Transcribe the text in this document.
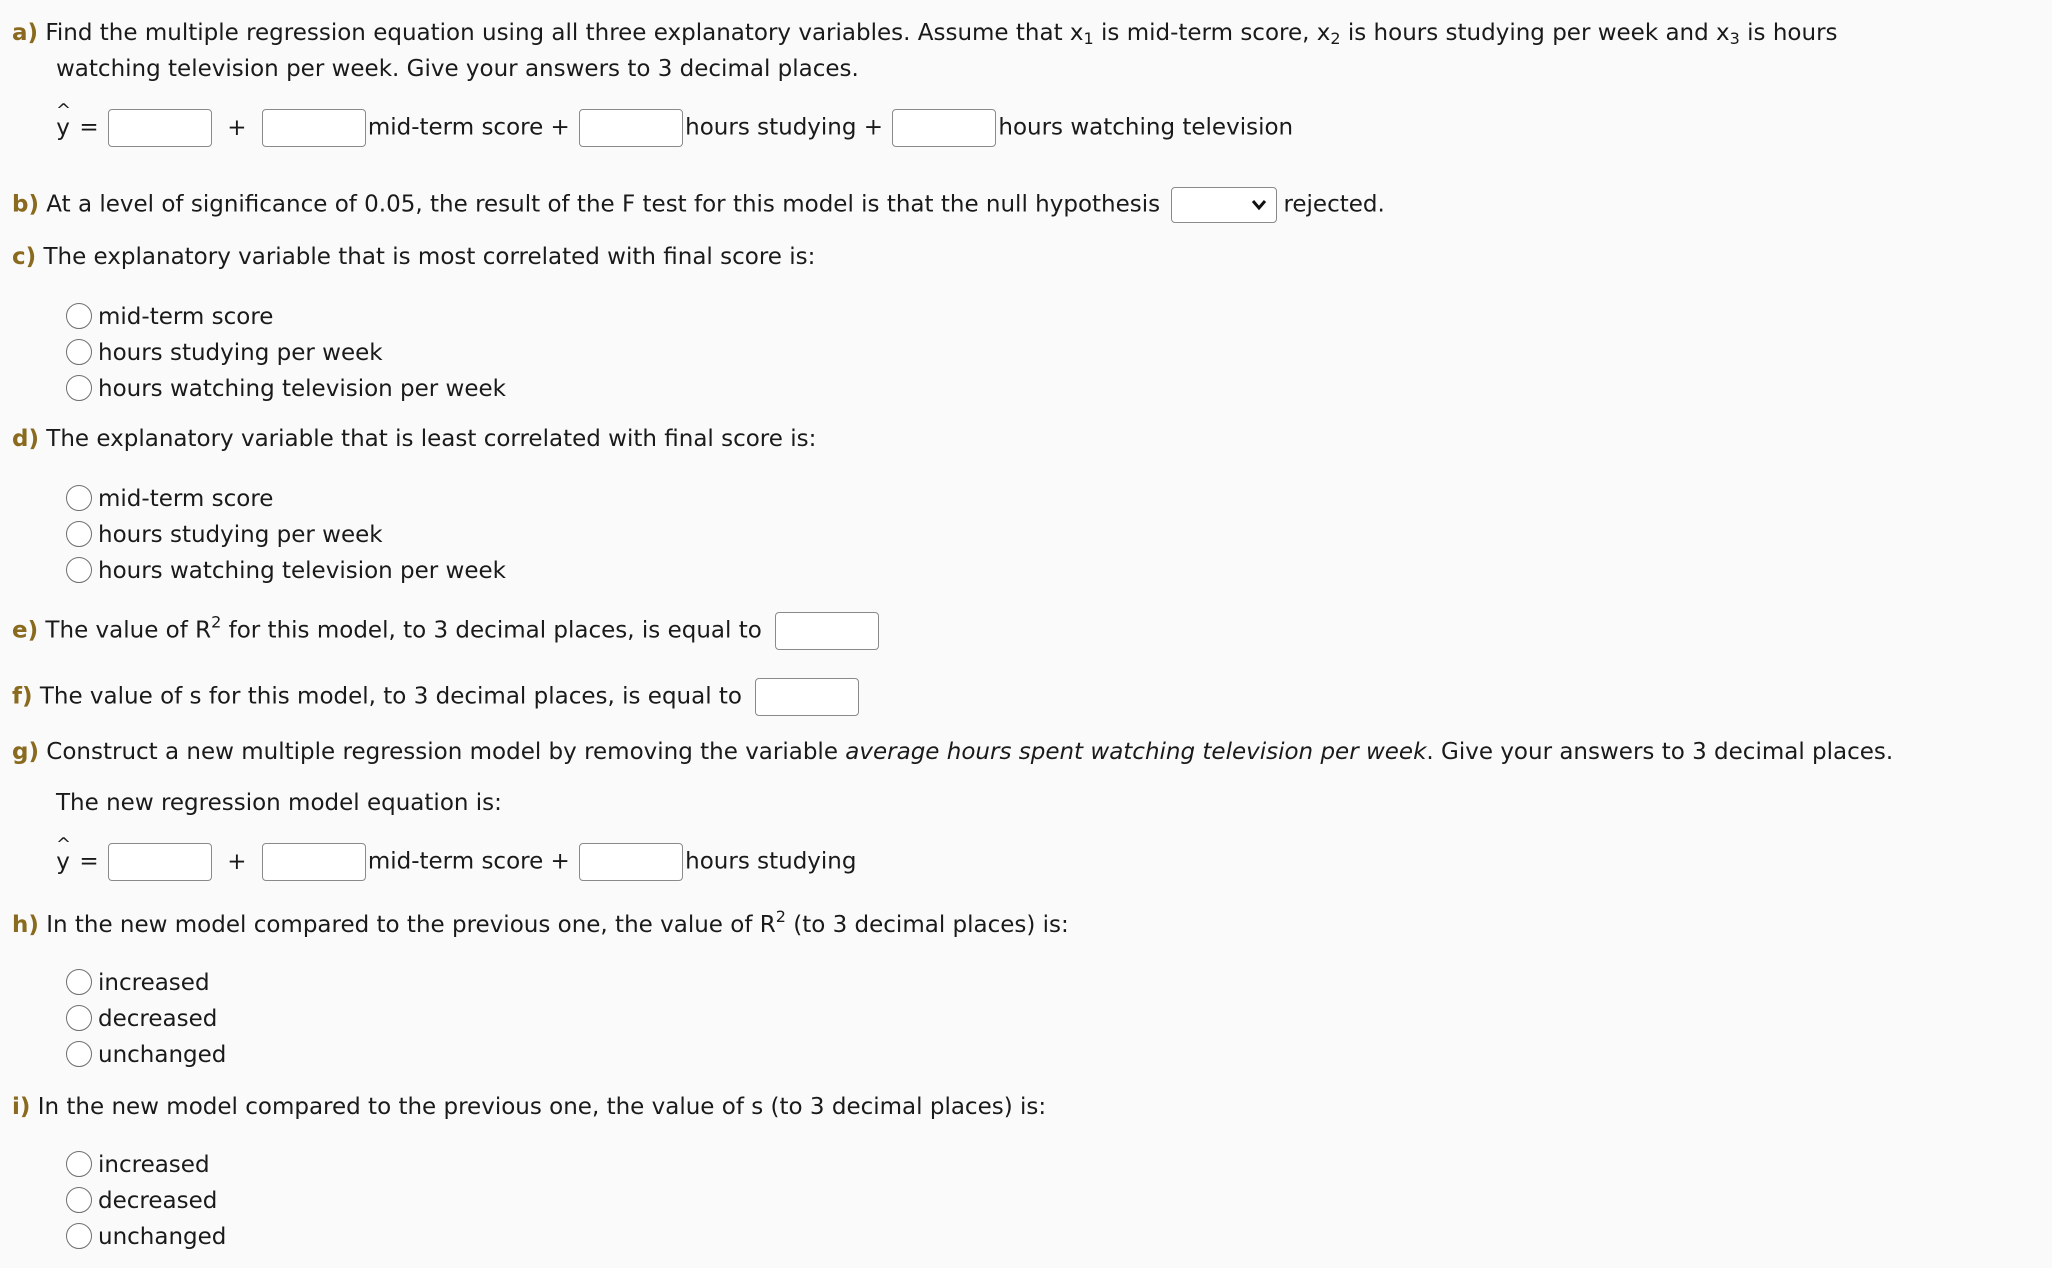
a) Find the multiple regression equation using all three explanatory variables. Assume that $x_1$ is mid-term score, $x_2$ is hours studying per week and $x_3$ is hours
watching television per week. Give your answers to 3 decimal places.
^
y =	+	mid-term score +	hours studying +	hours watching television
b) At a level of significance of 0.05, the result of the F test for this model is that the null hypothesis	rejected.
c) The explanatory variable that is most correlated with final score is:
mid-term score
hours studying per week
hours watching television per week
d) The explanatory variable that is least correlated with final score is:
mid-term score
hours studying per week
hours watching television per week
e) The value of $R^2$ for this model, to 3 decimal places, is equal to
f) The value of s for this model, to 3 decimal places, is equal to
g) Construct a new multiple regression model by removing the variable average hours spent watching television per week. Give your answers to 3 decimal places.
The new regression model equation is:
^
y =	+	mid-term score +	hours studying
h) In the new model compared to the previous one, the value of $R^2$ (to 3 decimal places) is:
increased
decreased
unchanged
i) In the new model compared to the previous one, the value of s (to 3 decimal places) is:
increased
decreased
unchanged
